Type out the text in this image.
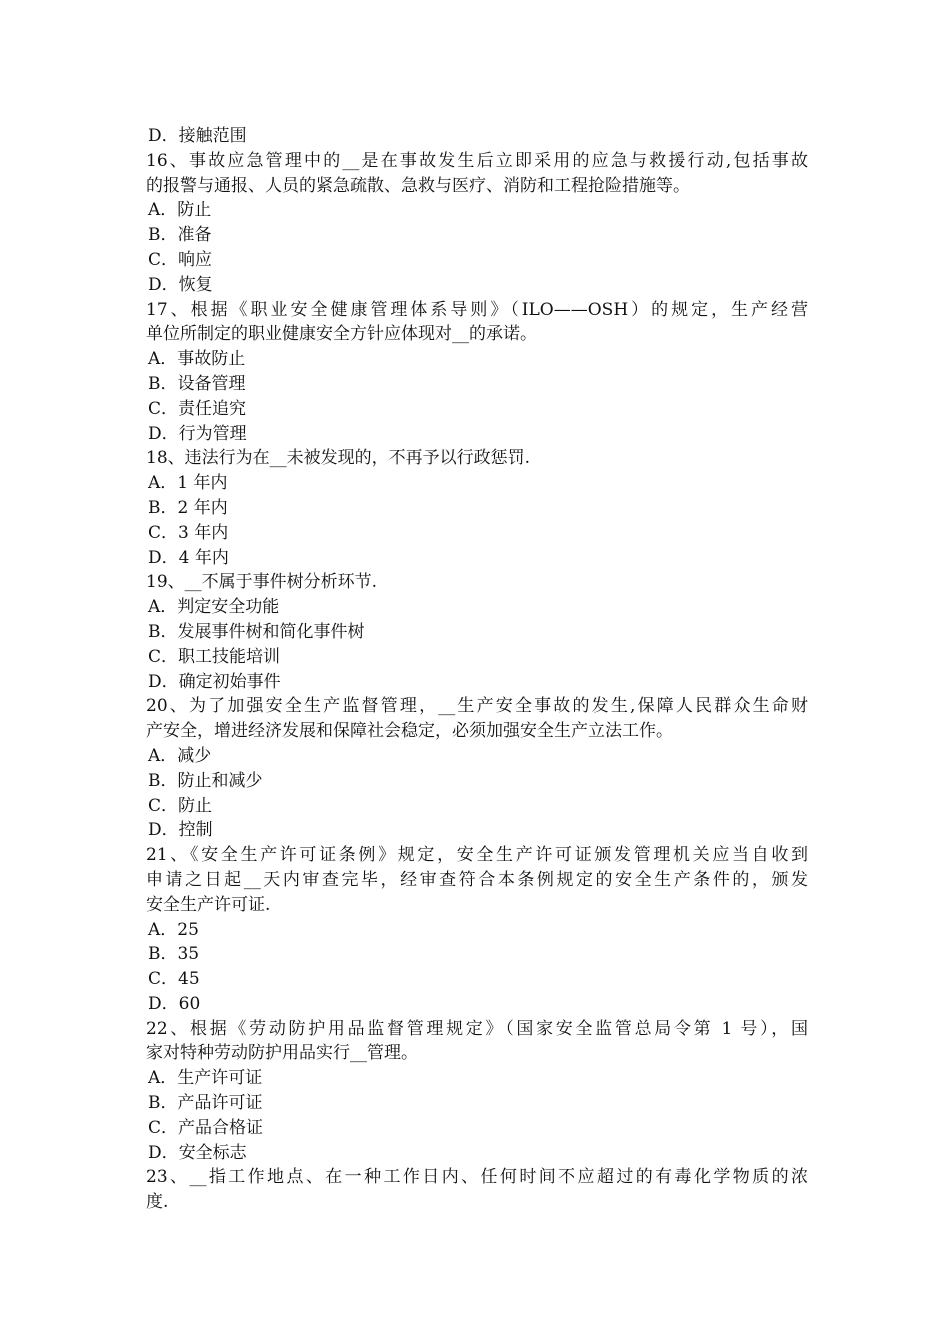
D．接触范围
16、事故应急管理中的__是在事故发生后立即采用的应急与救援行动,包括事故
的报警与通报、人员的紧急疏散、急救与医疗、消防和工程抢险措施等。
A．防止
B．准备
C．响应
D．恢复
17、根据《职业安全健康管理体系导则》（ILO——OSH）的规定，生产经营
单位所制定的职业健康安全方针应体现对__的承诺。
A．事故防止
B．设备管理
C．责任追究
D．行为管理
18、违法行为在__未被发现的，不再予以行政惩罚.
A．1 年内
B．2 年内
C．3 年内
D．4 年内
19、__不属于事件树分析环节.
A．判定安全功能
B．发展事件树和简化事件树
C．职工技能培训
D．确定初始事件
20、为了加强安全生产监督管理，__生产安全事故的发生,保障人民群众生命财
产安全，增进经济发展和保障社会稳定，必须加强安全生产立法工作。
A．减少
B．防止和减少
C．防止
D．控制
21、《安全生产许可证条例》规定，安全生产许可证颁发管理机关应当自收到
申请之日起__天内审查完毕，经审查符合本条例规定的安全生产条件的，颁发
安全生产许可证.
A．25
B．35
C．45
D．60
22、根据《劳动防护用品监督管理规定》（国家安全监管总局令第 1 号），国
家对特种劳动防护用品实行__管理。
A．生产许可证
B．产品许可证
C．产品合格证
D．安全标志
23、__指工作地点、在一种工作日内、任何时间不应超过的有毒化学物质的浓
度.
